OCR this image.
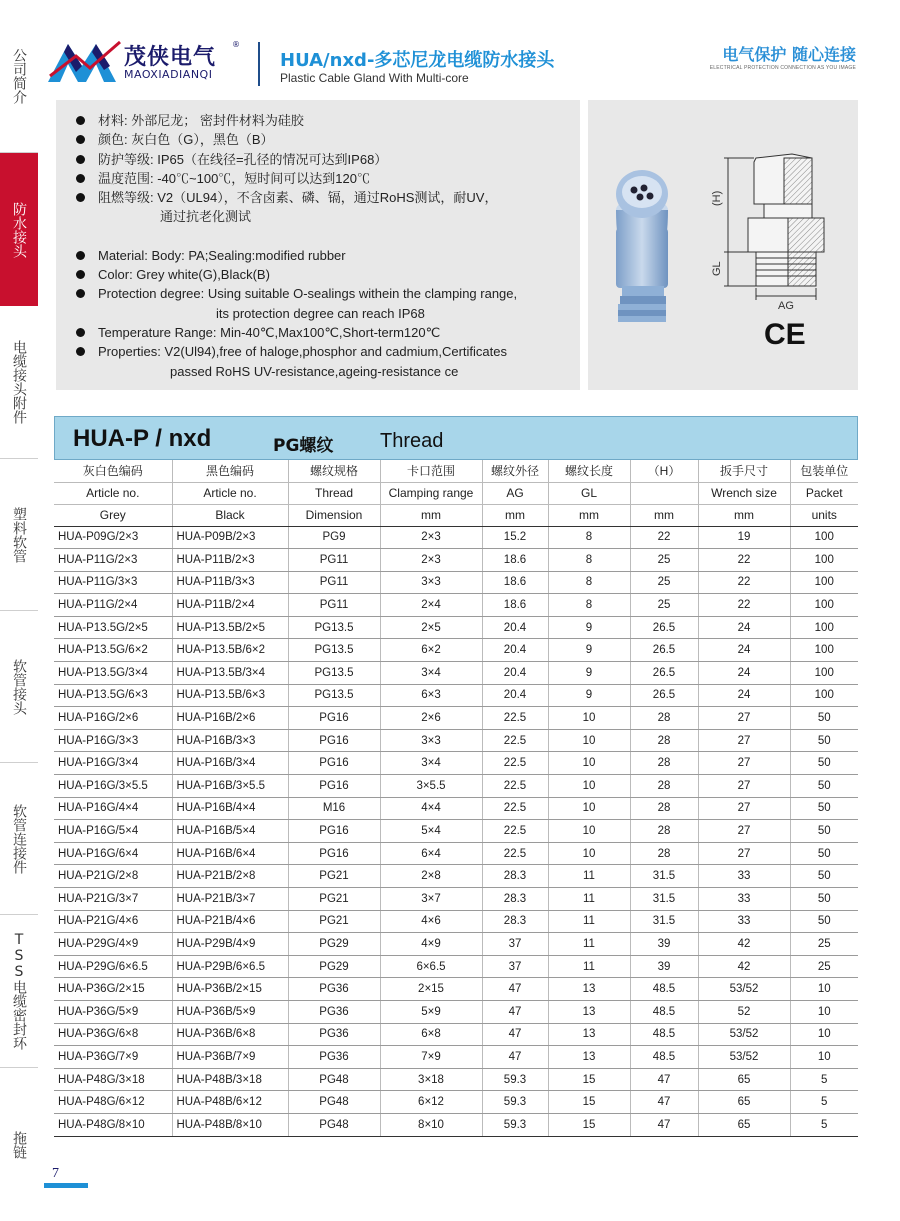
公司简介
防水接头
电缆接头附件
塑料软管
软管接头
软管连接件
TSS电缆密封环
拖链
茂侠电气
®
MAOXIADIANQI
HUA/nxd-多芯尼龙电缆防水接头
Plastic Cable Gland With Multi-core
电气保护 随心连接
ELECTRICAL PROTECTION CONNECTION AS YOU IMAGE
材料: 外部尼龙； 密封件材料为硅胶
颜色: 灰白色（G），黑色（B）
防护等级: IP65（在线径=孔径的情况可达到IP68）
温度范围: -40℃~100℃，短时间可以达到120℃
阻燃等级: V2（UL94），不含卤素、磷、镉，通过RoHS测试，耐UV，
通过抗老化测试
Material: Body: PA;Sealing:modified rubber
Color: Grey white(G),Black(B)
Protection degree: Using suitable O-sealings withein the clamping range,
its protection degree can reach IP68
Temperature Range: Min-40℃,Max100℃,Short-term120℃
Properties: V2(Ul94),free of haloge,phosphor and cadmium,Certificates
passed RoHS UV-resistance,ageing-resistance ce
(H)
GL
AG
CE
HUA-P / nxd	PG螺纹 Thread
灰白色编码	黑色编码	螺纹规格	卡口范围	螺纹外径	螺纹长度	（H）	扳手尺寸	包装单位
Article no.	Article no.	Thread	Clamping range	AG	GL		Wrench size	Packet
Grey	Black	Dimension	mm	mm	mm	mm	mm	units
HUA-P09G/2×3	HUA-P09B/2×3	PG9	2×3	15.2	8	22	19	100
HUA-P11G/2×3	HUA-P11B/2×3	PG11	2×3	18.6	8	25	22	100
HUA-P11G/3×3	HUA-P11B/3×3	PG11	3×3	18.6	8	25	22	100
HUA-P11G/2×4	HUA-P11B/2×4	PG11	2×4	18.6	8	25	22	100
HUA-P13.5G/2×5	HUA-P13.5B/2×5	PG13.5	2×5	20.4	9	26.5	24	100
HUA-P13.5G/6×2	HUA-P13.5B/6×2	PG13.5	6×2	20.4	9	26.5	24	100
HUA-P13.5G/3×4	HUA-P13.5B/3×4	PG13.5	3×4	20.4	9	26.5	24	100
HUA-P13.5G/6×3	HUA-P13.5B/6×3	PG13.5	6×3	20.4	9	26.5	24	100
HUA-P16G/2×6	HUA-P16B/2×6	PG16	2×6	22.5	10	28	27	50
HUA-P16G/3×3	HUA-P16B/3×3	PG16	3×3	22.5	10	28	27	50
HUA-P16G/3×4	HUA-P16B/3×4	PG16	3×4	22.5	10	28	27	50
HUA-P16G/3×5.5	HUA-P16B/3×5.5	PG16	3×5.5	22.5	10	28	27	50
HUA-P16G/4×4	HUA-P16B/4×4	M16	4×4	22.5	10	28	27	50
HUA-P16G/5×4	HUA-P16B/5×4	PG16	5×4	22.5	10	28	27	50
HUA-P16G/6×4	HUA-P16B/6×4	PG16	6×4	22.5	10	28	27	50
HUA-P21G/2×8	HUA-P21B/2×8	PG21	2×8	28.3	11	31.5	33	50
HUA-P21G/3×7	HUA-P21B/3×7	PG21	3×7	28.3	11	31.5	33	50
HUA-P21G/4×6	HUA-P21B/4×6	PG21	4×6	28.3	11	31.5	33	50
HUA-P29G/4×9	HUA-P29B/4×9	PG29	4×9	37	11	39	42	25
HUA-P29G/6×6.5	HUA-P29B/6×6.5	PG29	6×6.5	37	11	39	42	25
HUA-P36G/2×15	HUA-P36B/2×15	PG36	2×15	47	13	48.5	53/52	10
HUA-P36G/5×9	HUA-P36B/5×9	PG36	5×9	47	13	48.5	52	10
HUA-P36G/6×8	HUA-P36B/6×8	PG36	6×8	47	13	48.5	53/52	10
HUA-P36G/7×9	HUA-P36B/7×9	PG36	7×9	47	13	48.5	53/52	10
HUA-P48G/3×18	HUA-P48B/3×18	PG48	3×18	59.3	15	47	65	5
HUA-P48G/6×12	HUA-P48B/6×12	PG48	6×12	59.3	15	47	65	5
HUA-P48G/8×10	HUA-P48B/8×10	PG48	8×10	59.3	15	47	65	5
7
